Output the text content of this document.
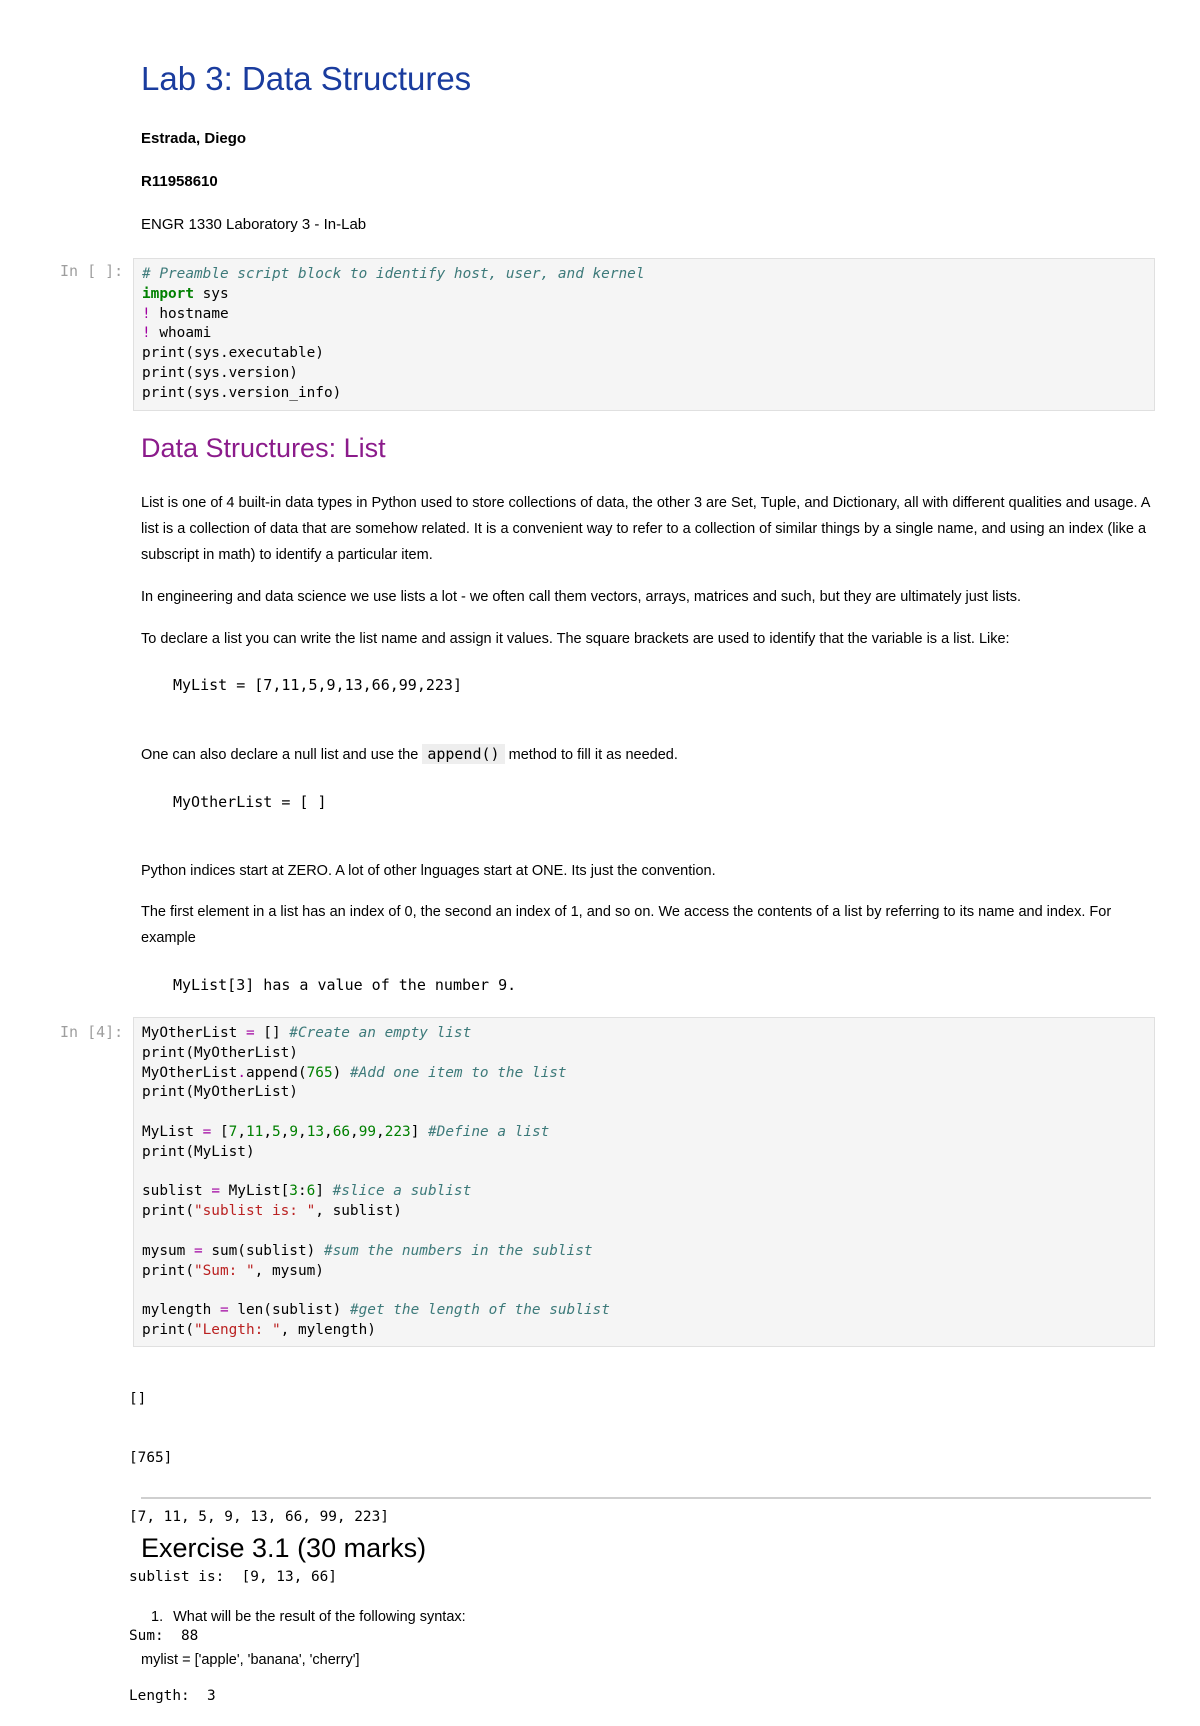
Lab 3: Data Structures
Estrada, Diego
R11958610
ENGR 1330 Laboratory 3 - In-Lab
In [ ]:	# Preamble script block to identify host, user, and kernel
import sys
! hostname
! whoami
print(sys.executable)
print(sys.version)
print(sys.version_info)
Data Structures: List

List is one of 4 built-in data types in Python used to store collections of data, the other 3 are Set, Tuple, and Dictionary, all with different qualities and usage. A list is a collection of data that are somehow related. It is a convenient way to refer to a collection of similar things by a single name, and using an index (like a subscript in math) to identify a particular item.

In engineering and data science we use lists a lot - we often call them vectors, arrays, matrices and such, but they are ultimately just lists.

To declare a list you can write the list name and assign it values. The square brackets are used to identify that the variable is a list. Like:

MyList = [7,11,5,9,13,66,99,223]

One can also declare a null list and use the append() method to fill it as needed.

MyOtherList = [ ]

Python indices start at ZERO. A lot of other lnguages start at ONE. Its just the convention.

The first element in a list has an index of 0, the second an index of 1, and so on. We access the contents of a list by referring to its name and index. For example

MyList[3] has a value of the number 9.
In [4]:	MyOtherList = [] #Create an empty list
print(MyOtherList)
MyOtherList.append(765) #Add one item to the list
print(MyOtherList)

MyList = [7,11,5,9,13,66,99,223] #Define a list
print(MyList)

sublist = MyList[3:6] #slice a sublist
print("sublist is: ", sublist)

mysum = sum(sublist) #sum the numbers in the sublist
print("Sum: ", mysum)

mylength = len(sublist) #get the length of the sublist
print("Length: ", mylength)

[]

[765]

[7, 11, 5, 9, 13, 66, 99, 223]

sublist is:  [9, 13, 66]

Sum:  88

Length:  3

Exercise 3.1 (30 marks)
1. What will be the result of the following syntax:
mylist = ['apple', 'banana', 'cherry']
